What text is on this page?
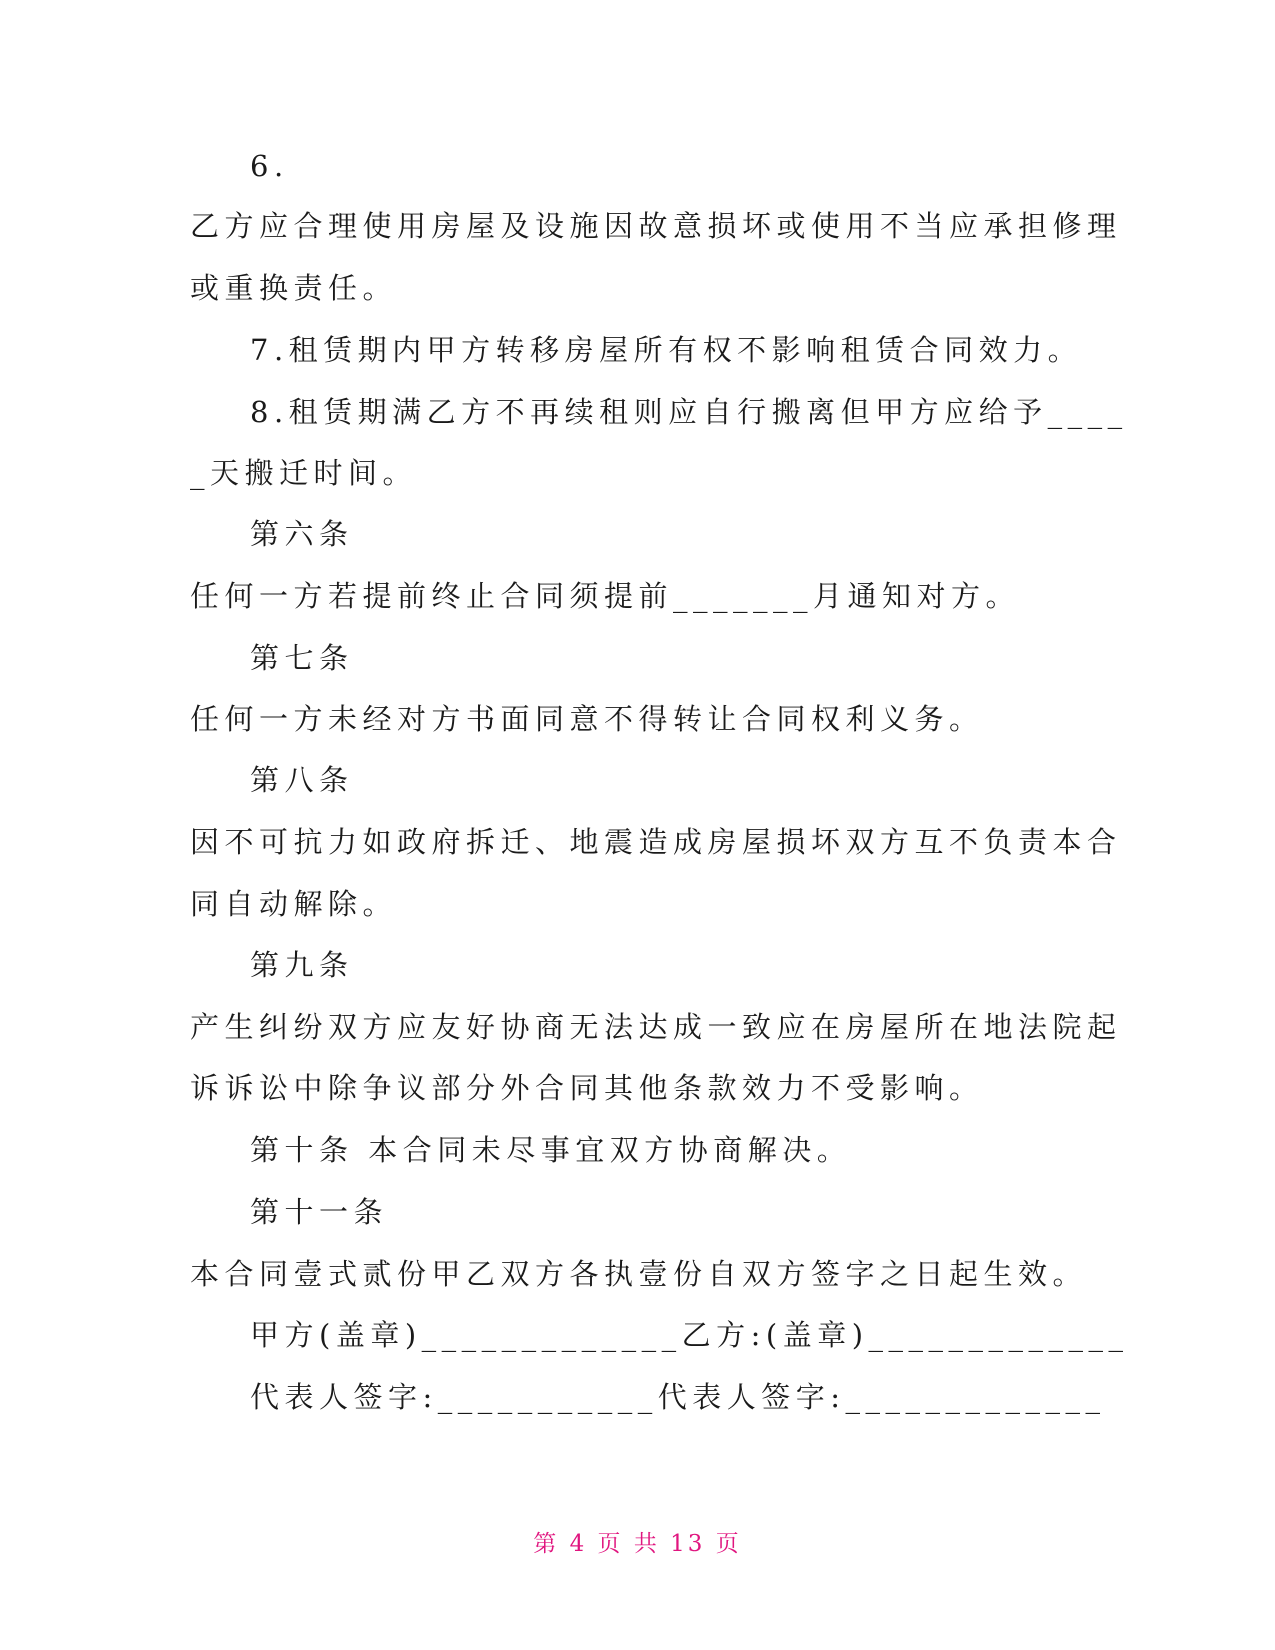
6.
乙方应合理使用房屋及设施因故意损坏或使用不当应承担修理
或重换责任。
7.租赁期内甲方转移房屋所有权不影响租赁合同效力。
8.租赁期满乙方不再续租则应自行搬离但甲方应给予____
_天搬迁时间。
第六条
任何一方若提前终止合同须提前_______月通知对方。
第七条
任何一方未经对方书面同意不得转让合同权利义务。
第八条
因不可抗力如政府拆迁、地震造成房屋损坏双方互不负责本合
同自动解除。
第九条
产生纠纷双方应友好协商无法达成一致应在房屋所在地法院起
诉诉讼中除争议部分外合同其他条款效力不受影响。
第十条 本合同未尽事宜双方协商解决。
第十一条
本合同壹式贰份甲乙双方各执壹份自双方签字之日起生效。
甲方(盖章)_____________乙方:(盖章)_____________
代表人签字:___________代表人签字:_____________
第 4 页 共 13 页
